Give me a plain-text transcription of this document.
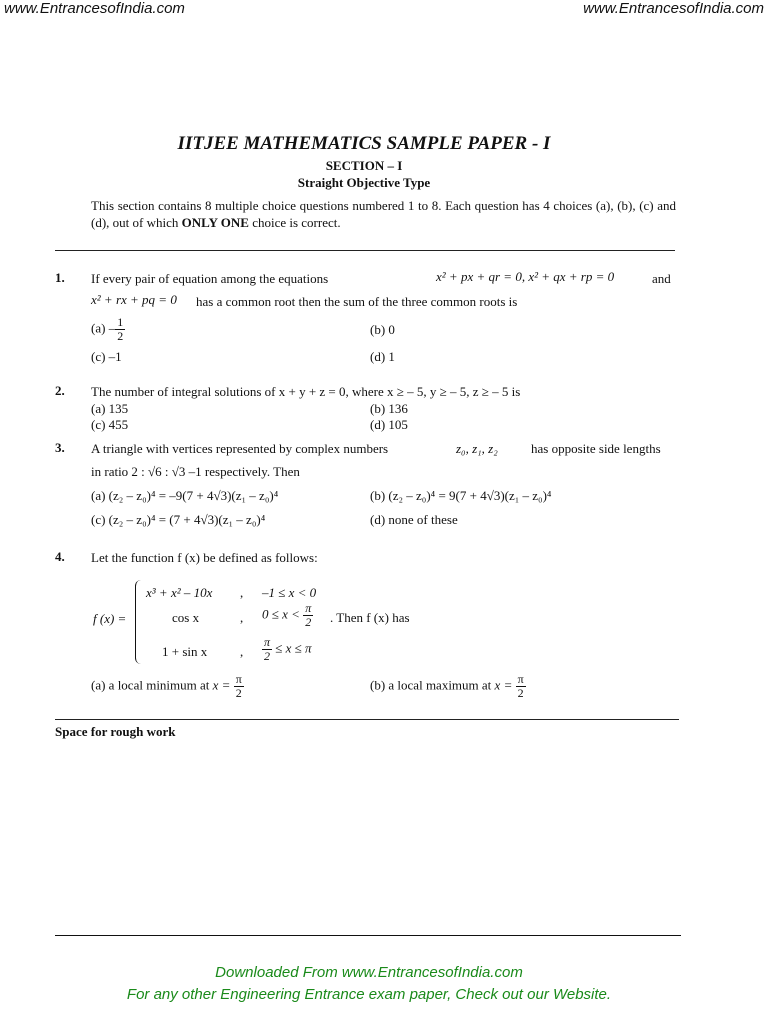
www.EntrancesofIndia.com	www.EntrancesofIndia.com
IITJEE MATHEMATICS SAMPLE PAPER - I
SECTION – I
Straight Objective Type
This section contains 8 multiple choice questions numbered 1 to 8. Each question has 4 choices (a), (b), (c) and (d), out of which ONLY ONE choice is correct.
1. If every pair of equation among the equations	x² + px + qr = 0, x² + qx + rp = 0	and
x² + rx + pq = 0 has a common root then the sum of the three common roots is
$(a) - \frac{1}{2}$	(b) 0
(c) –1	(d) 1
2. The number of integral solutions of x + y + z = 0, where x ≥ – 5, y ≥ – 5, z ≥ – 5 is
(a) 135	(b) 136
(c) 455	(d) 105
3. A triangle with vertices represented by complex numbers	z₀, z₁, z₂	has opposite side lengths
in ratio 2 : √6 : √3 –1 respectively. Then
(a) (z₂ – z₀)⁴ = –9(7 + 4√3)(z₁ – z₀)⁴	(b) (z₂ – z₀)⁴ = 9(7 + 4√3)(z₁ – z₀)⁴
(c) (z₂ – z₀)⁴ = (7 + 4√3)(z₁ – z₀)⁴	(d) none of these
4. Let the function f (x) be defined as follows:
f (x) =
x³ + x² – 10x , –1 ≤ x < 0
cos x	, $0 \le x < \frac{\pi}{2}$ . Then f (x) has
1 + sin x	, $\frac{\pi}{2} \le x \le \pi$
(a) a local minimum at $x = \frac{\pi}{2}$	(b) a local maximum at $x = \frac{\pi}{2}$
Space for rough work
Downloaded From www.EntrancesofIndia.com
For any other Engineering Entrance exam paper, Check out our Website.
